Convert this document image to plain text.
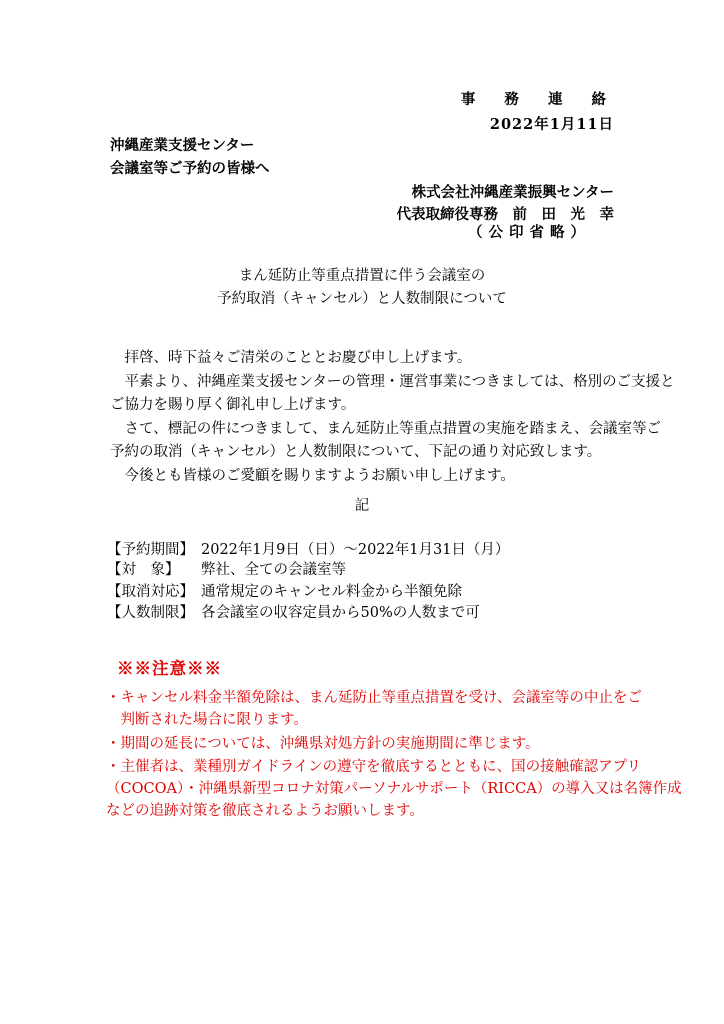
事 務 連 絡
2022年1月11日
沖縄産業支援センター
会議室等ご予約の皆様へ
株式会社沖縄産業振興センター
代表取締役専務　前　田　光　幸
（公印省略）
まん延防止等重点措置に伴う会議室の
予約取消（キャンセル）と人数制限について
　拝啓、時下益々ご清栄のこととお慶び申し上げます。
　平素より、沖縄産業支援センターの管理・運営事業につきましては、格別のご支援と
ご協力を賜り厚く御礼申し上げます。
　さて、標記の件につきまして、まん延防止等重点措置の実施を踏まえ、会議室等ご
予約の取消（キャンセル）と人数制限について、下記の通り対応致します。
　今後とも皆様のご愛顧を賜りますようお願い申し上げます。
記
【予約期間】 2022年1月9日（日）～2022年1月31日（月）
【対　象】 弊社、全ての会議室等
【取消対応】 通常規定のキャンセル料金から半額免除
【人数制限】 各会議室の収容定員から50%の人数まで可
※※注意※※
・キャンセル料金半額免除は、まん延防止等重点措置を受け、会議室等の中止をご
　判断された場合に限ります。
・期間の延長については、沖縄県対処方針の実施期間に準じます。
・主催者は、業種別ガイドラインの遵守を徹底するとともに、国の接触確認アプリ
（COCOA）・沖縄県新型コロナ対策パーソナルサポート（RICCA）の導入又は名簿作成
などの追跡対策を徹底されるようお願いします。
